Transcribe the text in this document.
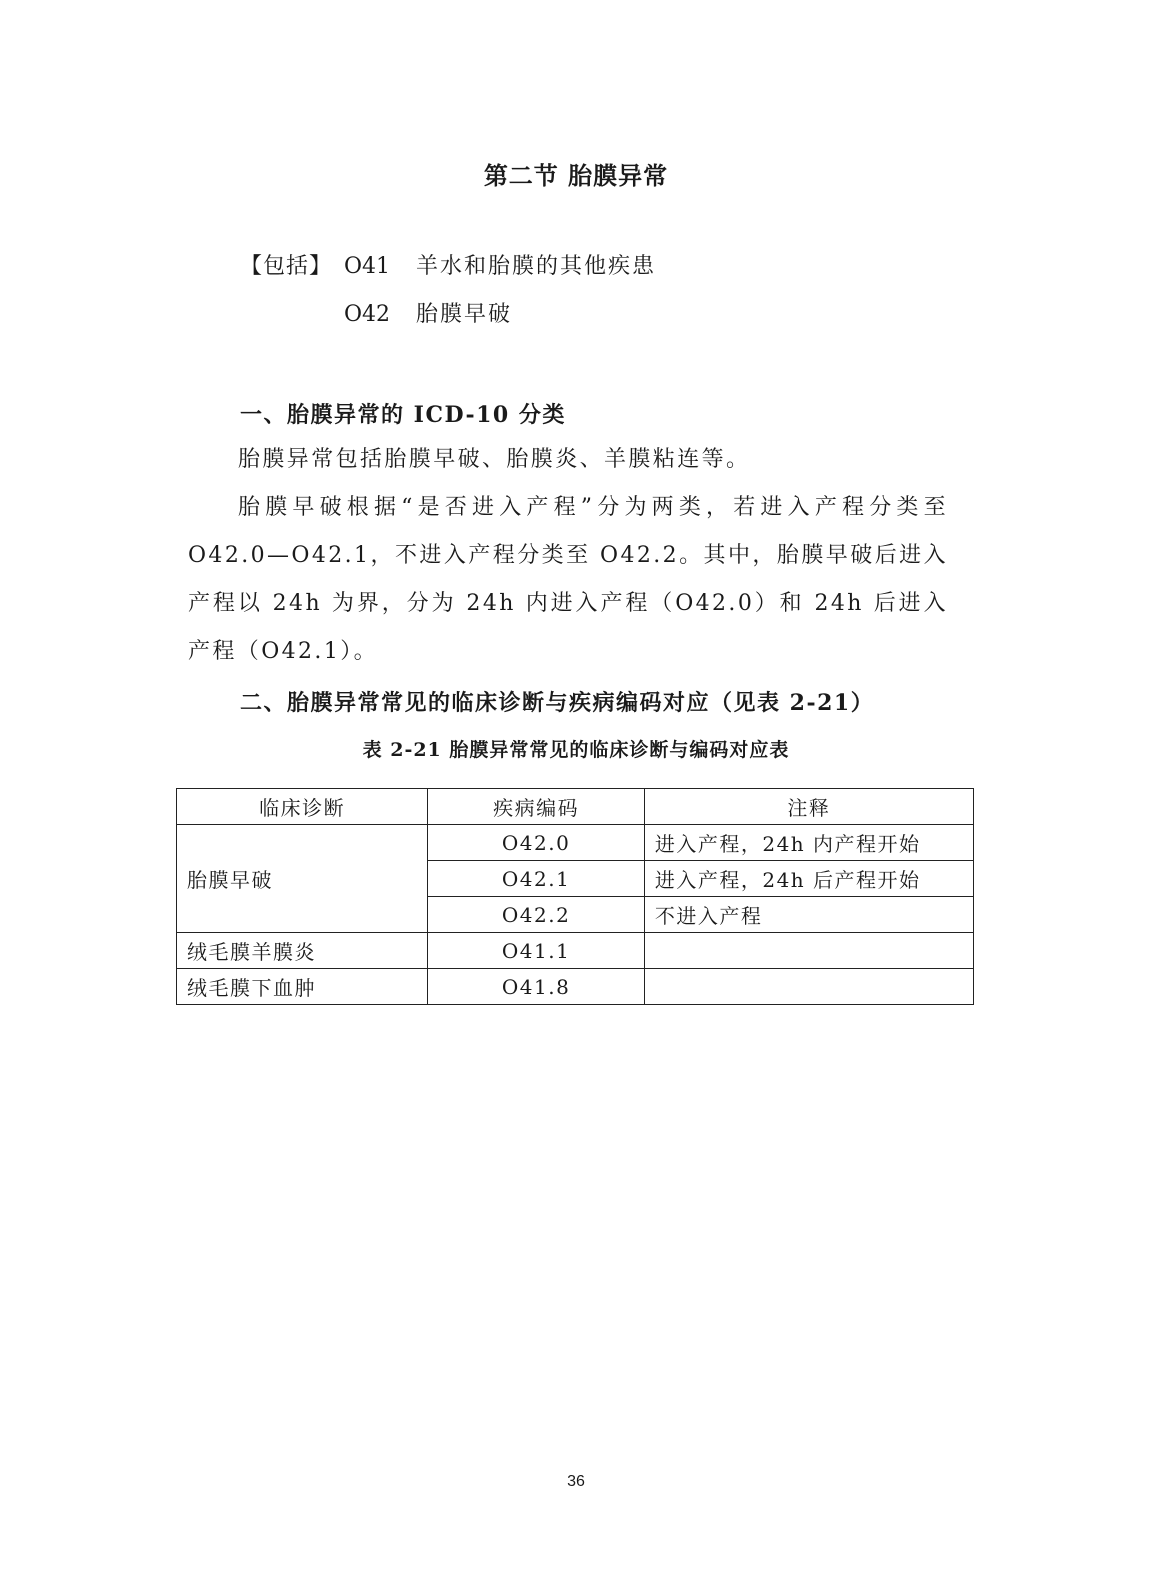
第二节 胎膜异常
【包括】 O41 羊水和胎膜的其他疾患
O42 胎膜早破
一、胎膜异常的 ICD-10 分类

胎膜异常包括胎膜早破、胎膜炎、羊膜粘连等。

胎膜早破根据“是否进入产程”分为两类，若进入产程分类至 O42.0—O42.1，不进入产程分类至 O42.2。其中，胎膜早破后进入产程以 24h 为界，分为 24h 内进入产程（O42.0）和 24h 后进入产程（O42.1）。

二、胎膜异常常见的临床诊断与疾病编码对应（见表 2-21）

表 2-21 胎膜异常常见的临床诊断与编码对应表

临床诊断	疾病编码	注释
胎膜早破	O42.0	进入产程，24h 内产程开始
	O42.1	进入产程，24h 后产程开始
	O42.2	不进入产程
绒毛膜羊膜炎	O41.1	
绒毛膜下血肿	O41.8	
36
